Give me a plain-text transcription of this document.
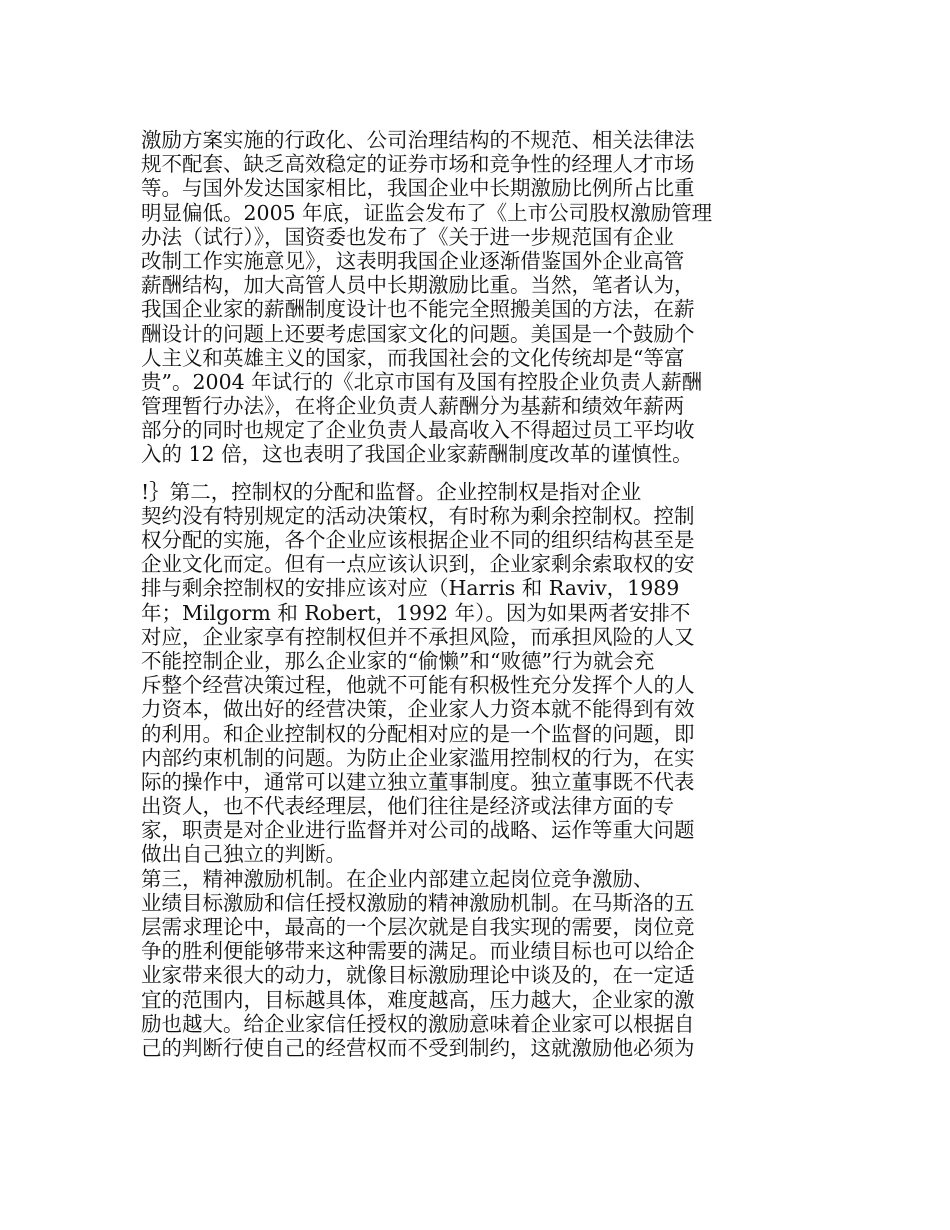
激励方案实施的行政化、公司治理结构的不规范、相关法律法
规不配套、缺乏高效稳定的证券市场和竞争性的经理人才市场
等。与国外发达国家相比，我国企业中长期激励比例所占比重
明显偏低。2005 年底，证监会发布了《上市公司股权激励管理
办法（试行）》，国资委也发布了《关于进一步规范国有企业
改制工作实施意见》，这表明我国企业逐渐借鉴国外企业高管
薪酬结构，加大高管人员中长期激励比重。当然，笔者认为，
我国企业家的薪酬制度设计也不能完全照搬美国的方法，在薪
酬设计的问题上还要考虑国家文化的问题。美国是一个鼓励个
人主义和英雄主义的国家，而我国社会的文化传统却是“等富
贵”。2004 年试行的《北京市国有及国有控股企业负责人薪酬
管理暂行办法》，在将企业负责人薪酬分为基薪和绩效年薪两
部分的同时也规定了企业负责人最高收入不得超过员工平均收
入的 12 倍，这也表明了我国企业家薪酬制度改革的谨慎性。
!｝第二，控制权的分配和监督。企业控制权是指对企业
契约没有特别规定的活动决策权，有时称为剩余控制权。控制
权分配的实施，各个企业应该根据企业不同的组织结构甚至是
企业文化而定。但有一点应该认识到，企业家剩余索取权的安
排与剩余控制权的安排应该对应（Harris 和 Raviv，1989
年；Milgorm 和 Robert，1992 年）。因为如果两者安排不
对应，企业家享有控制权但并不承担风险，而承担风险的人又
不能控制企业，那么企业家的“偷懒”和“败德”行为就会充
斥整个经营决策过程，他就不可能有积极性充分发挥个人的人
力资本，做出好的经营决策，企业家人力资本就不能得到有效
的利用。和企业控制权的分配相对应的是一个监督的问题，即
内部约束机制的问题。为防止企业家滥用控制权的行为，在实
际的操作中，通常可以建立独立董事制度。独立董事既不代表
出资人，也不代表经理层，他们往往是经济或法律方面的专
家，职责是对企业进行监督并对公司的战略、运作等重大问题
做出自己独立的判断。
第三，精神激励机制。在企业内部建立起岗位竞争激励、
业绩目标激励和信任授权激励的精神激励机制。在马斯洛的五
层需求理论中，最高的一个层次就是自我实现的需要，岗位竞
争的胜利便能够带来这种需要的满足。而业绩目标也可以给企
业家带来很大的动力，就像目标激励理论中谈及的，在一定适
宜的范围内，目标越具体，难度越高，压力越大，企业家的激
励也越大。给企业家信任授权的激励意味着企业家可以根据自
己的判断行使自己的经营权而不受到制约，这就激励他必须为
